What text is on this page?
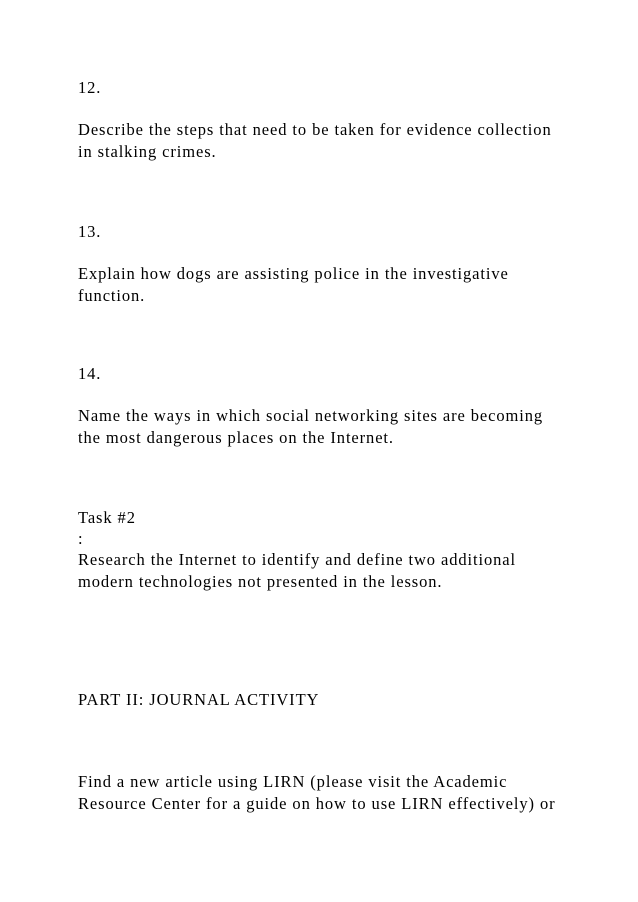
12.
Describe the steps that need to be taken for evidence collection
in stalking crimes.
13.
Explain how dogs are assisting police in the investigative
function.
14.
Name the ways in which social networking sites are becoming
the most dangerous places on the Internet.
Task #2
:
Research the Internet to identify and define two additional
modern technologies not presented in the lesson.
PART II: JOURNAL ACTIVITY
Find a new article using LIRN (please visit the Academic
Resource Center for a guide on how to use LIRN effectively) or
